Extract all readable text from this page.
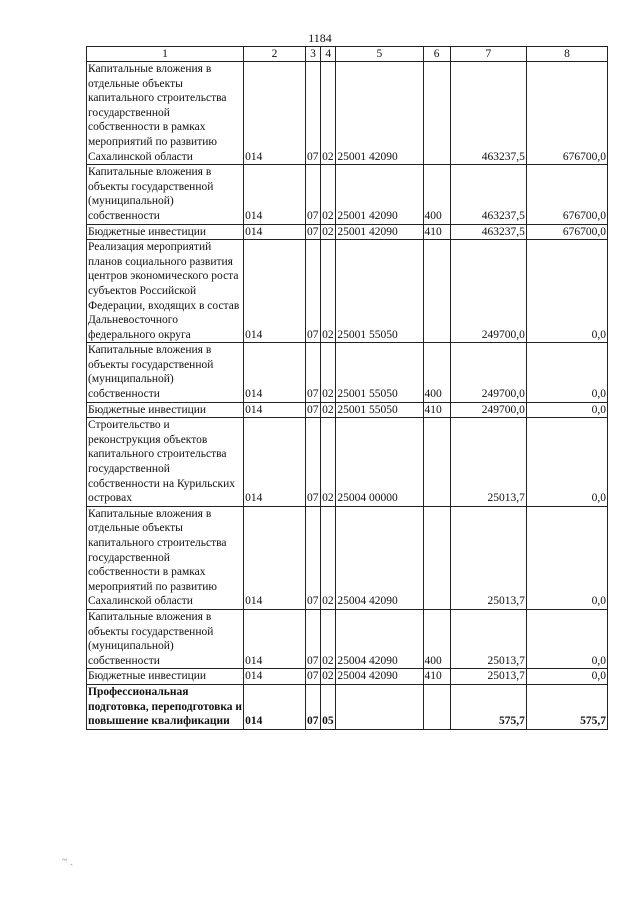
1184
1	2	3	4	5	6	7	8
Капитальные вложения в отдельные объекты капитального строительства государственной собственности в рамках мероприятий по развитию Сахалинской области	014	07	02	25001 42090		463237,5	676700,0
Капитальные вложения в объекты государственной (муниципальной) собственности	014	07	02	25001 42090	400	463237,5	676700,0
Бюджетные инвестиции	014	07	02	25001 42090	410	463237,5	676700,0
Реализация мероприятий планов социального развития центров экономического роста субъектов Российской Федерации, входящих в состав Дальневосточного федерального округа	014	07	02	25001 55050		249700,0	0,0
Капитальные вложения в объекты государственной (муниципальной) собственности	014	07	02	25001 55050	400	249700,0	0,0
Бюджетные инвестиции	014	07	02	25001 55050	410	249700,0	0,0
Строительство и реконструкция объектов капитального строительства государственной собственности на Курильских островах	014	07	02	25004 00000		25013,7	0,0
Капитальные вложения в отдельные объекты капитального строительства государственной собственности в рамках мероприятий по развитию Сахалинской области	014	07	02	25004 42090		25013,7	0,0
Капитальные вложения в объекты государственной (муниципальной) собственности	014	07	02	25004 42090	400	25013,7	0,0
Бюджетные инвестиции	014	07	02	25004 42090	410	25013,7	0,0
Профессиональная подготовка, переподготовка и повышение квалификации	014	07	05			575,7	575,7
~ ˎ
